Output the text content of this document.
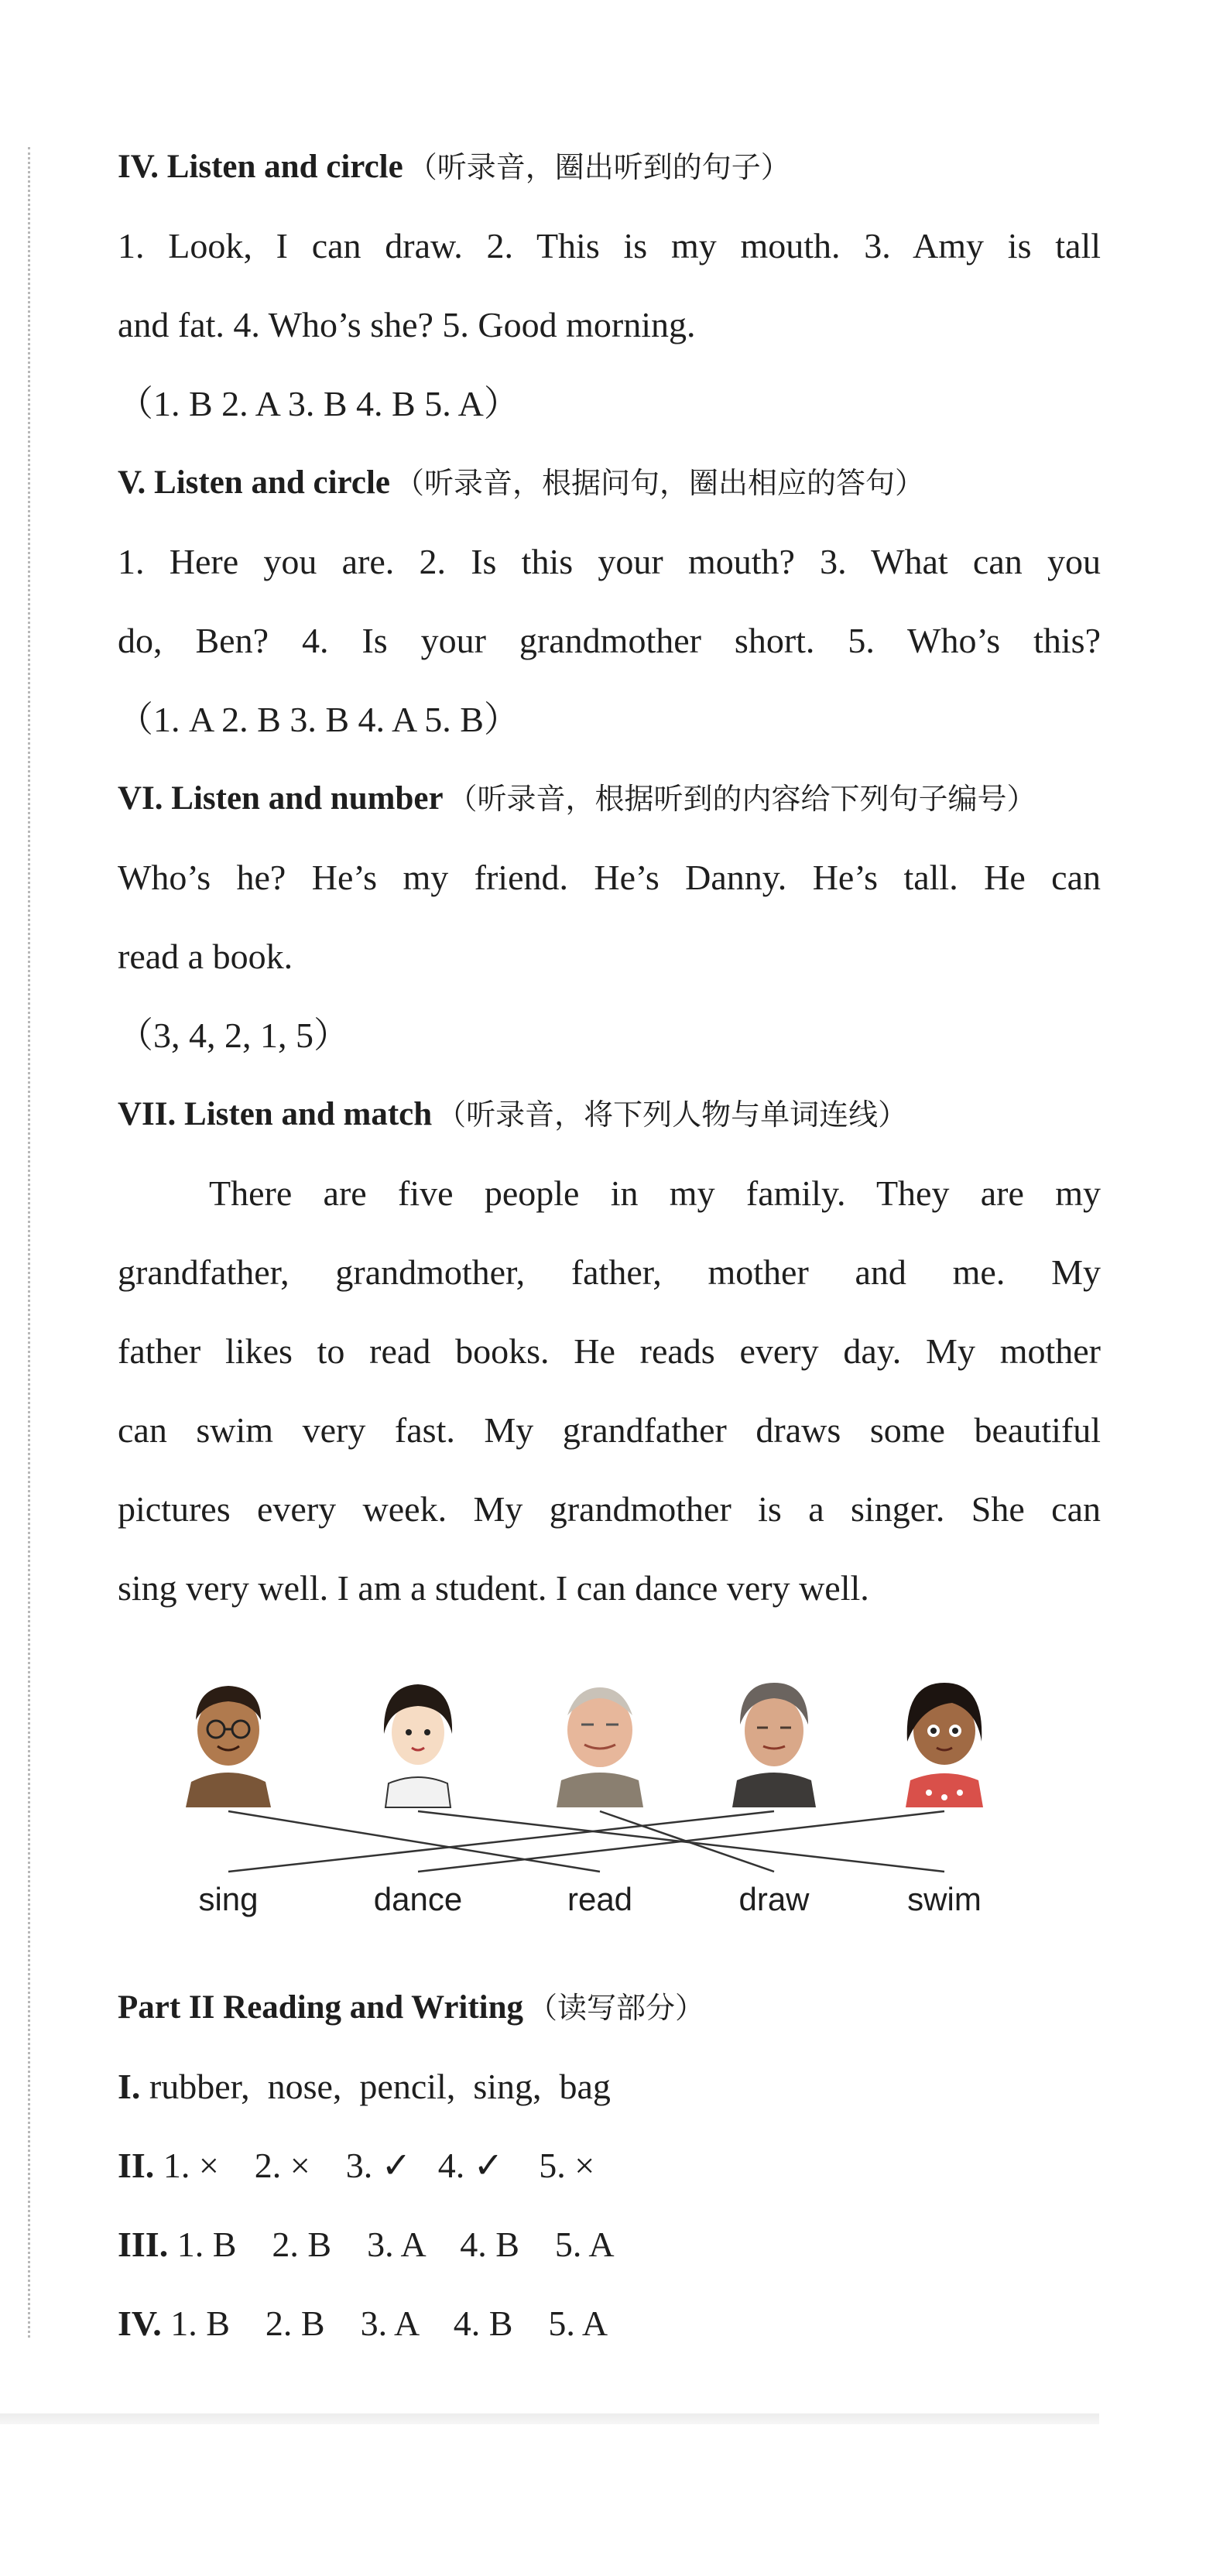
IV. Listen and circle （听录音，圈出听到的句子）
1. Look, I can draw. 2. This is my mouth. 3. Amy is tall
and fat. 4. Who’s she? 5. Good morning.
（1. B 2. A 3. B 4. B 5. A）
V. Listen and circle （听录音，根据问句，圈出相应的答句）
1. Here you are. 2. Is this your mouth? 3. What can you
do, Ben? 4. Is your grandmother short. 5. Who’s this?
（1. A 2. B 3. B 4. A 5. B）
VI. Listen and number （听录音，根据听到的内容给下列句子编号）
Who’s he? He’s my friend. He’s Danny. He’s tall. He can
read a book.
（3, 4, 2, 1, 5）
VII. Listen and match （听录音，将下列人物与单词连线）
There are five people in my family. They are my
grandfather, grandmother, father, mother and me. My
father likes to read books. He reads every day. My mother
can swim very fast. My grandfather draws some beautiful
pictures every week. My grandmother is a singer. She can
sing very well. I am a student. I can dance very well.
Part II Reading and Writing （读写部分）
I. rubber,  nose,  pencil,  sing,  bag
II. 1. ×    2. ×    3. ✓   4. ✓    5. ×
III. 1. B    2. B    3. A    4. B    5. A
IV. 1. B    2. B    3. A    4. B    5. A
sing	dance	read	draw	swim
